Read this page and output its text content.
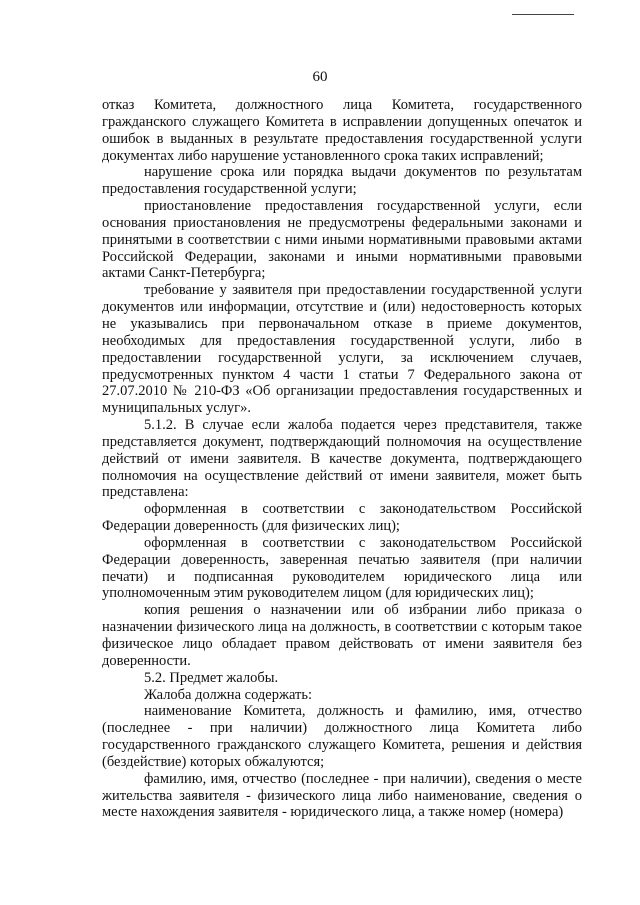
60

отказ Комитета, должностного лица Комитета, государственного гражданского служащего Комитета в исправлении допущенных опечаток и ошибок в выданных в результате предоставления государственной услуги документах либо нарушение установленного срока таких исправлений;

нарушение срока или порядка выдачи документов по результатам предоставления государственной услуги;

приостановление предоставления государственной услуги, если основания приостановления не предусмотрены федеральными законами и принятыми в соответствии с ними иными нормативными правовыми актами Российской Федерации, законами и иными нормативными правовыми актами Санкт-Петербурга;

требование у заявителя при предоставлении государственной услуги документов или информации, отсутствие и (или) недостоверность которых не указывались при первоначальном отказе в приеме документов, необходимых для предоставления государственной услуги, либо в предоставлении государственной услуги, за исключением случаев, предусмотренных пунктом 4 части 1 статьи 7 Федерального закона от 27.07.2010 № 210-ФЗ «Об организации предоставления государственных и муниципальных услуг».

5.1.2. В случае если жалоба подается через представителя, также представляется документ, подтверждающий полномочия на осуществление действий от имени заявителя. В качестве документа, подтверждающего полномочия на осуществление действий от имени заявителя, может быть представлена:

оформленная в соответствии с законодательством Российской Федерации доверенность (для физических лиц);

оформленная в соответствии с законодательством Российской Федерации доверенность, заверенная печатью заявителя (при наличии печати) и подписанная руководителем юридического лица или уполномоченным этим руководителем лицом (для юридических лиц);

копия решения о назначении или об избрании либо приказа о назначении физического лица на должность, в соответствии с которым такое физическое лицо обладает правом действовать от имени заявителя без доверенности.

5.2. Предмет жалобы.

Жалоба должна содержать:

наименование Комитета, должность и фамилию, имя, отчество (последнее - при наличии) должностного лица Комитета либо государственного гражданского служащего Комитета, решения и действия (бездействие) которых обжалуются;

фамилию, имя, отчество (последнее - при наличии), сведения о месте жительства заявителя - физического лица либо наименование, сведения о месте нахождения заявителя - юридического лица, а также номер (номера)
